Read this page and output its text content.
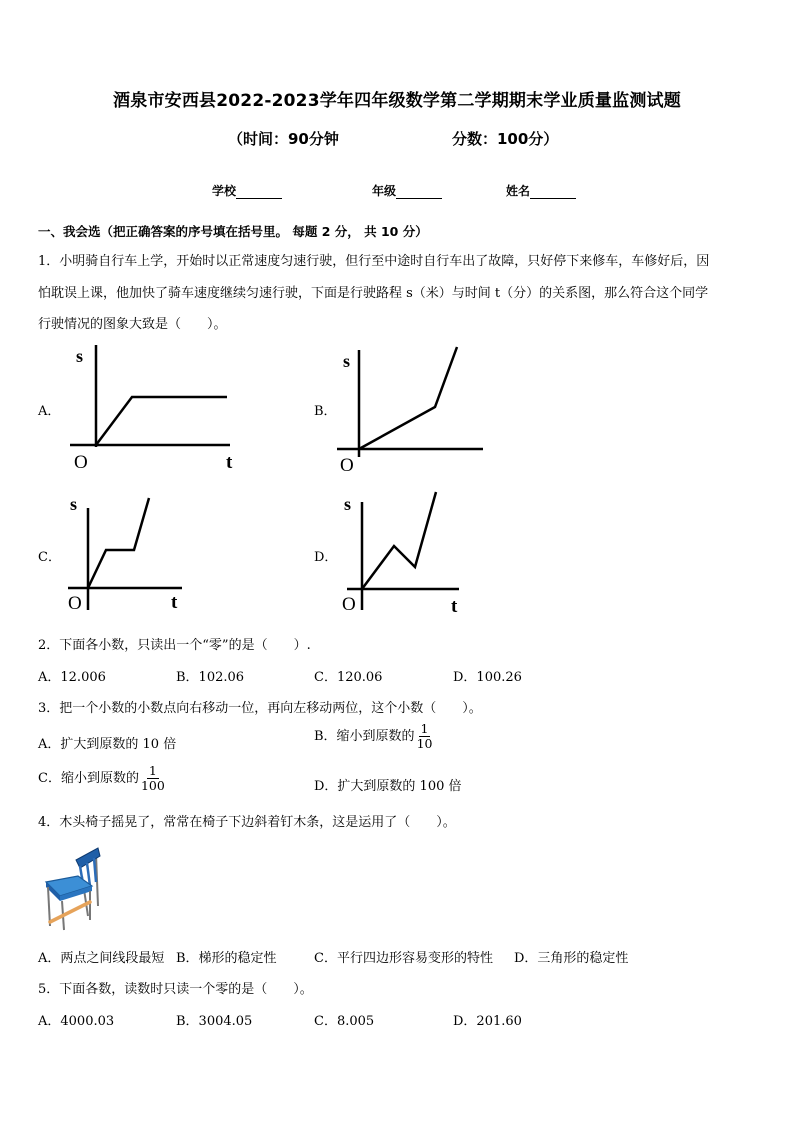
酒泉市安西县2022-2023学年四年级数学第二学期期末学业质量监测试题
（时间：90分钟	分数：100分）
学校	年级	姓名
一、我会选（把正确答案的序号填在括号里。 每题 2 分， 共 10 分）
1．小明骑自行车上学，开始时以正常速度匀速行驶，但行至中途时自行车出了故障，只好停下来修车，车修好后，因
怕耽误上课，他加快了骑车速度继续匀速行驶，下面是行驶路程 s（米）与时间 t（分）的关系图，那么符合这个同学
行驶情况的图象大致是（　　）。
A．	B．
C．	D．
s
t
O
s
O
s
t
O
s
t
O
2．下面各小数，只读出一个“零”的是（　　）.
A．12.006	B．102.06	C．120.06	D．100.26
3．把一个小数的小数点向右移动一位，再向左移动两位，这个小数（　　）。
A．扩大到原数的 10 倍
B．缩小到原数的 $\frac{1}{10}$
C．缩小到原数的 $\frac{1}{100}$	D．扩大到原数的 100 倍
4．木头椅子摇晃了，常常在椅子下边斜着钉木条，这是运用了（　　）。
A．两点之间线段最短 B．梯形的稳定性	C．平行四边形容易变形的特性 D．三角形的稳定性
5．下面各数，读数时只读一个零的是（　　）。
A．4000.03	B．3004.05	C．8.005	D．201.60
